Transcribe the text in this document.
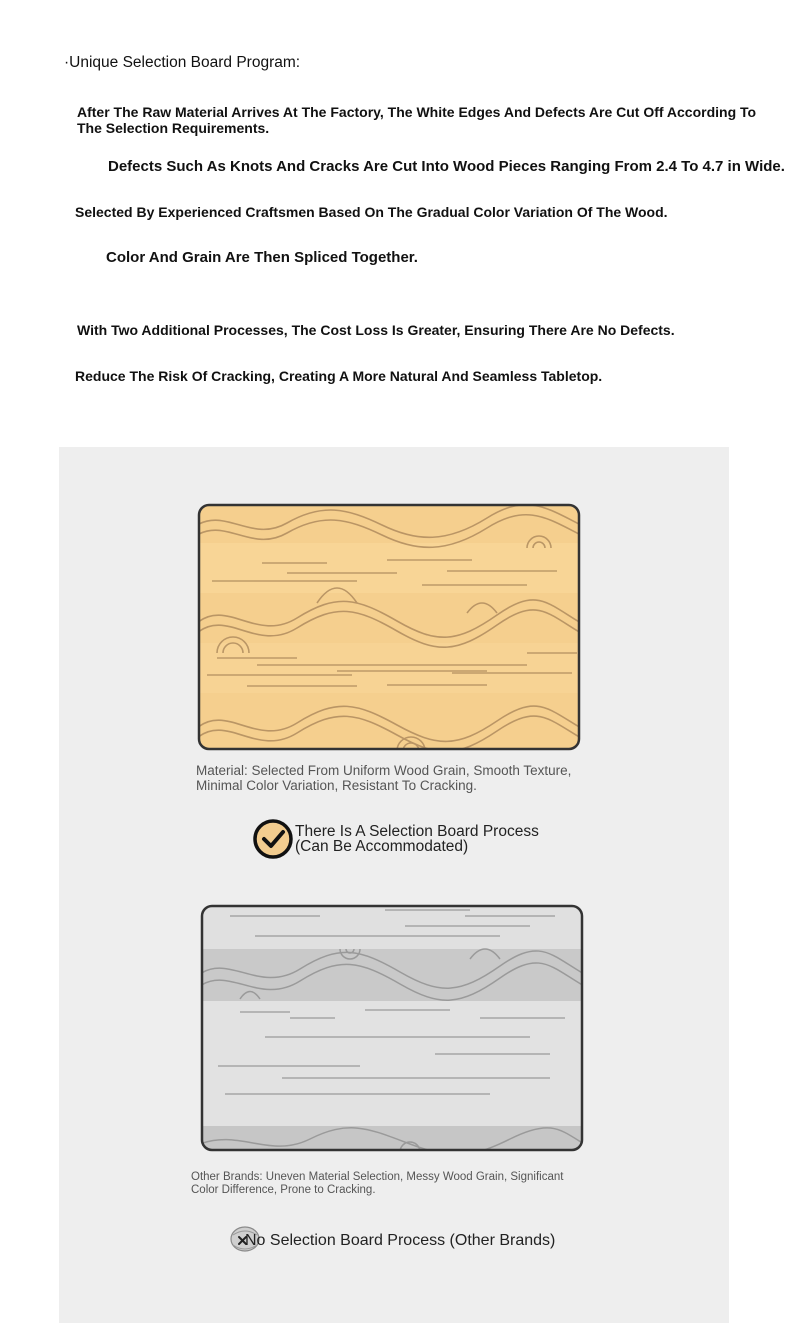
·Unique Selection Board Program:

After The Raw Material Arrives At The Factory, The White Edges And Defects Are Cut Off According To The Selection Requirements.

Defects Such As Knots And Cracks Are Cut Into Wood Pieces Ranging From 2.4 To 4.7 in Wide.

Selected By Experienced Craftsmen Based On The Gradual Color Variation Of The Wood.

Color And Grain Are Then Spliced Together.

With Two Additional Processes, The Cost Loss Is Greater, Ensuring There Are No Defects.

Reduce The Risk Of Cracking, Creating A More Natural And Seamless Tabletop.

Material: Selected From Uniform Wood Grain, Smooth Texture, Minimal Color Variation, Resistant To Cracking.

There Is A Selection Board Process (Can Be Accommodated)

Other Brands: Uneven Material Selection, Messy Wood Grain, Significant Color Difference, Prone to Cracking.

No Selection Board Process (Other Brands)
